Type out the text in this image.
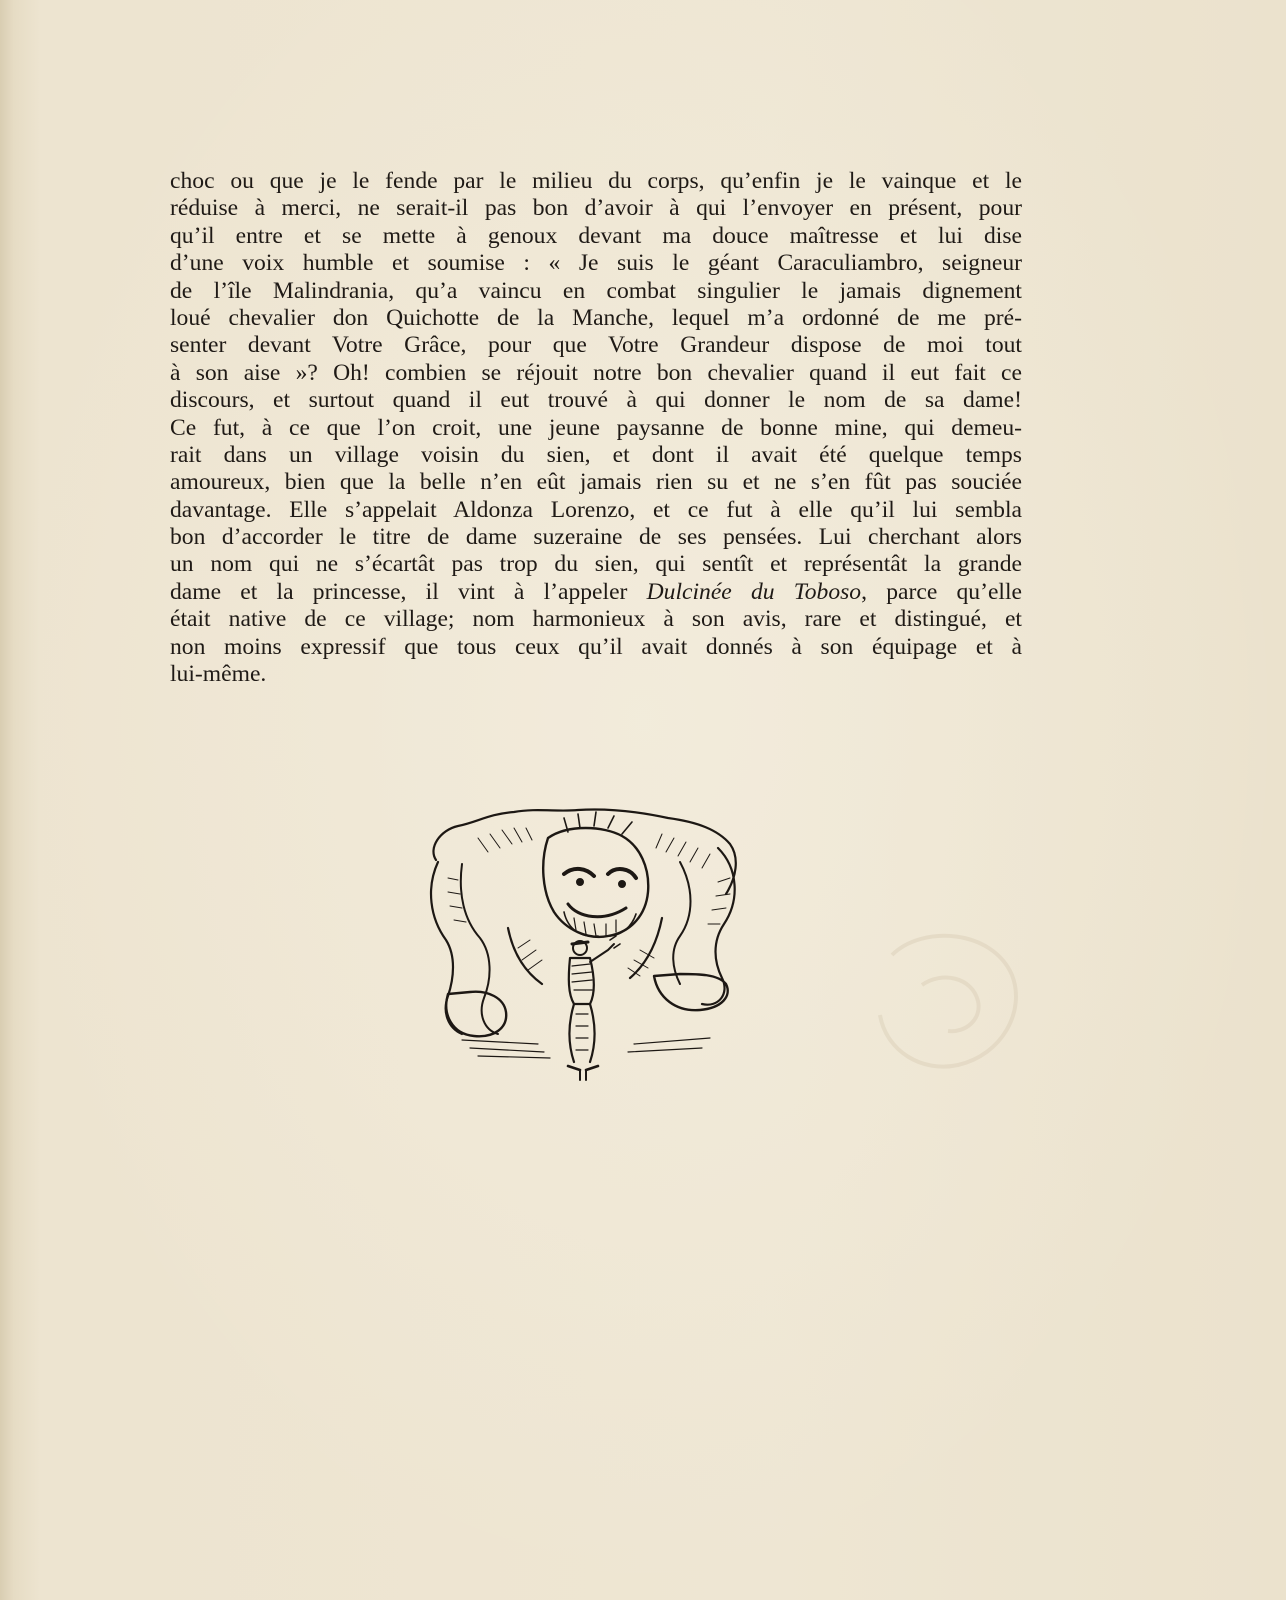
choc ou que je le fende par le milieu du corps, qu’enfin je le vainque et le
réduise à merci, ne serait-il pas bon d’avoir à qui l’envoyer en présent, pour
qu’il entre et se mette à genoux devant ma douce maîtresse et lui dise
d’une voix humble et soumise : « Je suis le géant Caraculiambro, seigneur
de l’île Malindrania, qu’a vaincu en combat singulier le jamais dignement
loué chevalier don Quichotte de la Manche, lequel m’a ordonné de me pré-
senter devant Votre Grâce, pour que Votre Grandeur dispose de moi tout
à son aise »? Oh! combien se réjouit notre bon chevalier quand il eut fait ce
discours, et surtout quand il eut trouvé à qui donner le nom de sa dame!
Ce fut, à ce que l’on croit, une jeune paysanne de bonne mine, qui demeu-
rait dans un village voisin du sien, et dont il avait été quelque temps
amoureux, bien que la belle n’en eût jamais rien su et ne s’en fût pas souciée
davantage. Elle s’appelait Aldonza Lorenzo, et ce fut à elle qu’il lui sembla
bon d’accorder le titre de dame suzeraine de ses pensées. Lui cherchant alors
un nom qui ne s’écartât pas trop du sien, qui sentît et représentât la grande
dame et la princesse, il vint à l’appeler Dulcinée du Toboso, parce qu’elle
était native de ce village; nom harmonieux à son avis, rare et distingué, et
non moins expressif que tous ceux qu’il avait donnés à son équipage et à
lui-même.
